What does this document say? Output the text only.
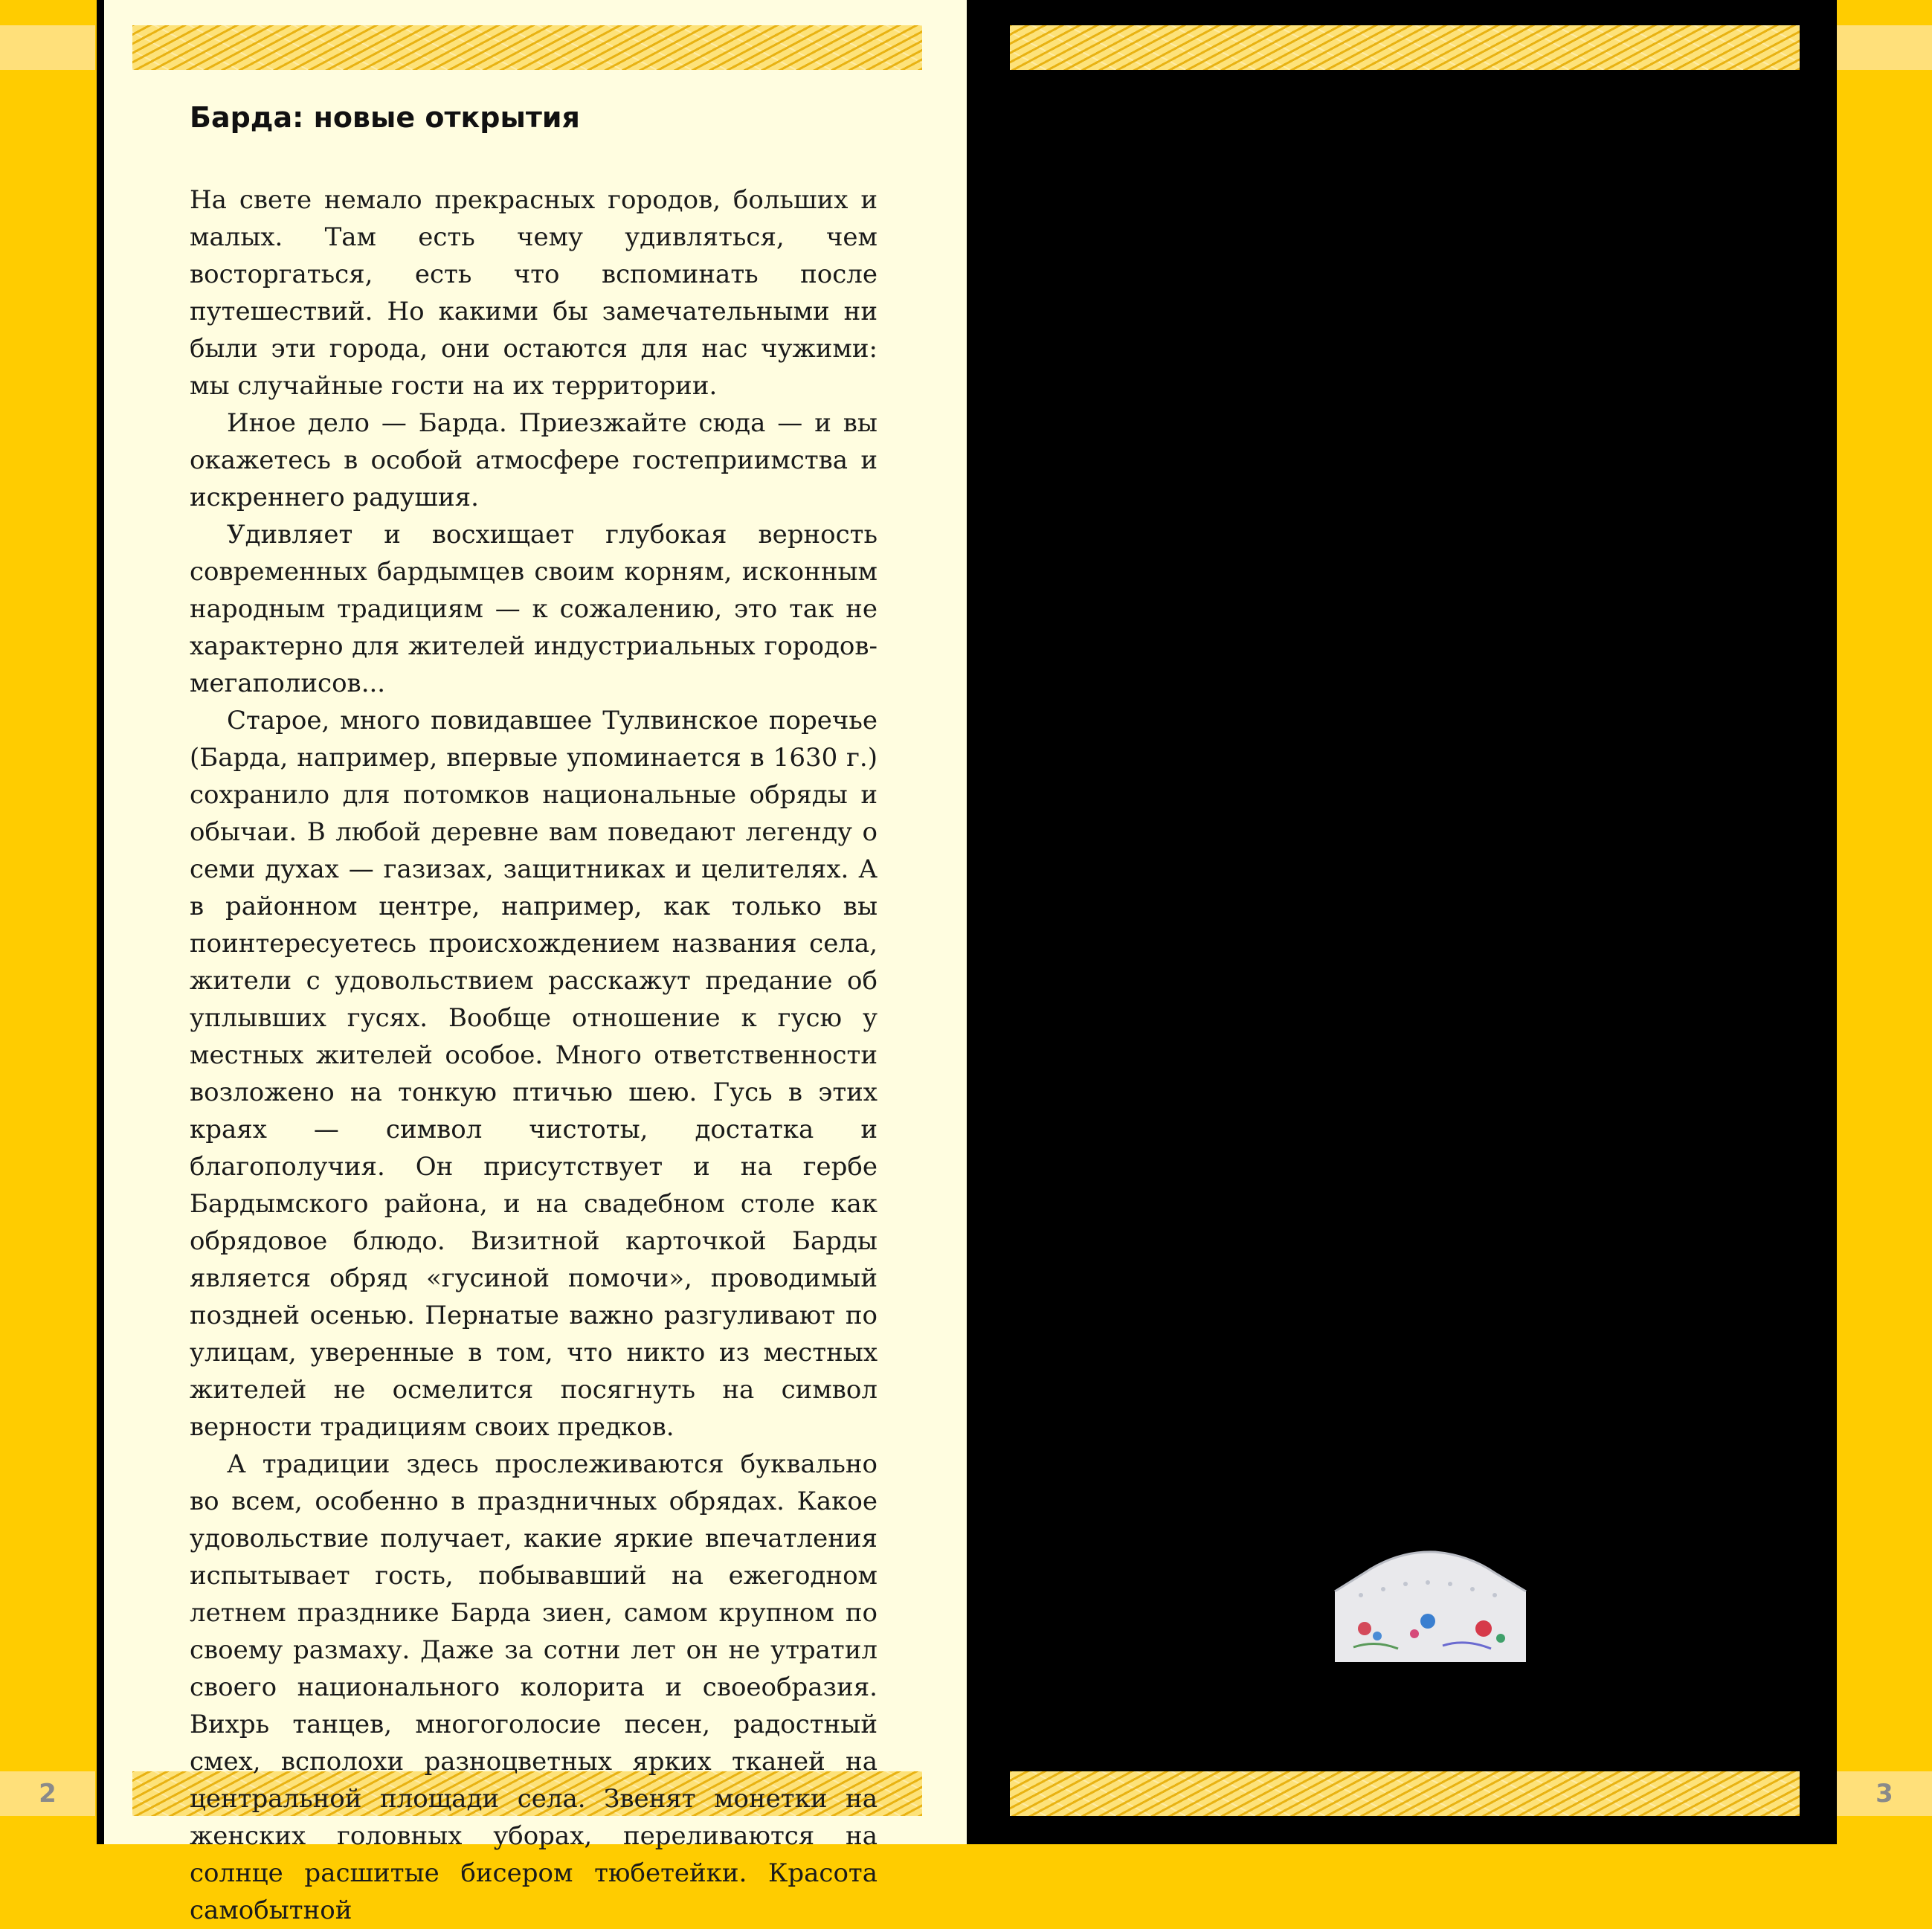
2	3
Барда: новые открытия

На свете немало прекрасных городов, больших и малых. Там есть чему удивляться, чем восторгаться, есть что вспоминать после путешествий. Но какими бы замечательными ни были эти города, они остаются для нас чужими: мы случайные гости на их территории.

Иное дело — Барда. Приезжайте сюда — и вы окажетесь в особой атмосфере гостеприимства и искреннего радушия.

Удивляет и восхищает глубокая верность современных бардымцев своим корням, исконным народным традициям — к сожалению, это так не характерно для жителей индустриальных городов-мегаполисов...

Старое, много повидавшее Тулвинское поречье (Барда, например, впервые упоминается в 1630 г.) сохранило для потомков национальные обряды и обычаи. В любой деревне вам поведают легенду о семи духах — газизах, защитниках и целителях. А в районном центре, например, как только вы поинтересуетесь происхождением названия села, жители с удовольствием расскажут предание об уплывших гусях. Вообще отношение к гусю у местных жителей особое. Много ответственности возложено на тонкую птичью шею. Гусь в этих краях — символ чистоты, достатка и благополучия. Он присутствует и на гербе Бардымского района, и на свадебном столе как обрядовое блюдо. Визитной карточкой Барды является обряд «гусиной помочи», проводимый поздней осенью. Пернатые важно разгуливают по улицам, уверенные в том, что никто из местных жителей не осмелится посягнуть на символ верности традициям своих предков.

А традиции здесь прослеживаются буквально во всем, особенно в праздничных обрядах. Какое удовольствие получает, какие яркие впечатления испытывает гость, побывавший на ежегодном летнем празднике Барда зиен, самом крупном по своему размаху. Даже за сотни лет он не утратил своего национального колорита и своеобразия. Вихрь танцев, многоголосие песен, радостный смех, всполохи разноцветных ярких тканей на центральной площади села. Звенят монетки на женских головных уборах, переливаются на солнце расшитые бисером тюбетейки. Красота самобытной
